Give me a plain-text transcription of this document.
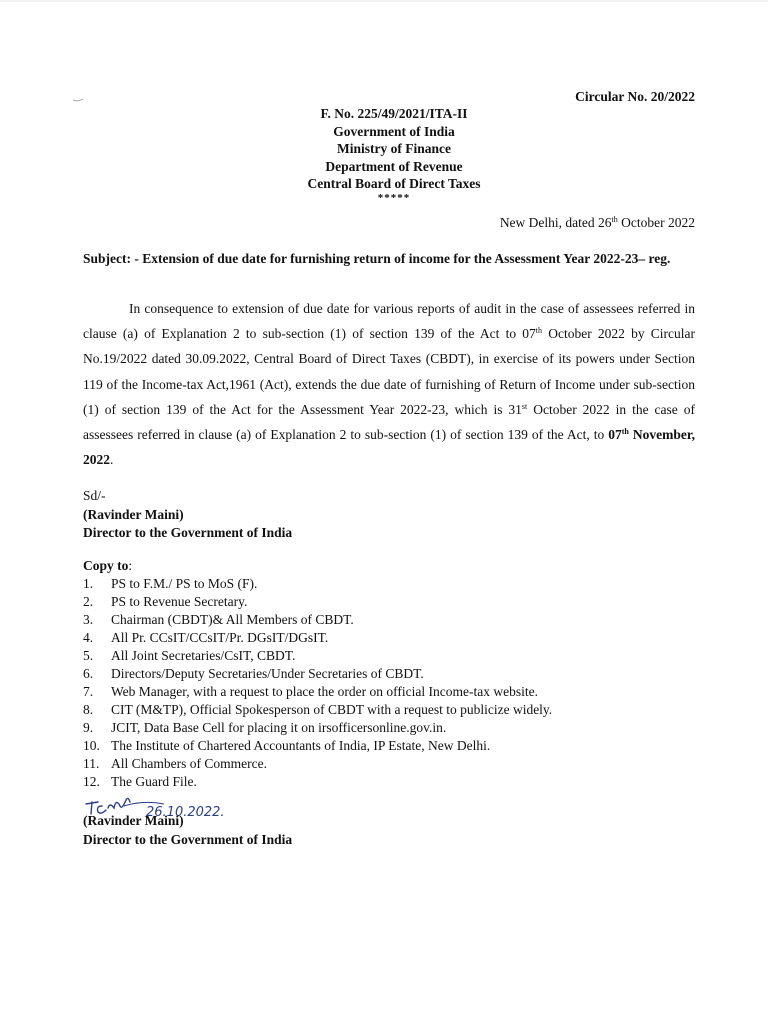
Circular No. 20/2022
F. No. 225/49/2021/ITA-II
Government of India
Ministry of Finance
Department of Revenue
Central Board of Direct Taxes
*****
New Delhi, dated 26th October 2022
Subject: - Extension of due date for furnishing return of income for the Assessment Year 2022-23– reg.
In consequence to extension of due date for various reports of audit in the case of assessees referred in clause (a) of Explanation 2 to sub-section (1) of section 139 of the Act to 07th October 2022 by Circular No.19/2022 dated 30.09.2022, Central Board of Direct Taxes (CBDT), in exercise of its powers under Section 119 of the Income-tax Act,1961 (Act), extends the due date of furnishing of Return of Income under sub-section (1) of section 139 of the Act for the Assessment Year 2022-23, which is 31st October 2022 in the case of assessees referred in clause (a) of Explanation 2 to sub-section (1) of section 139 of the Act, to 07th November, 2022.
Sd/-
(Ravinder Maini)
Director to the Government of India
Copy to:
1.	PS to F.M./ PS to MoS (F).
2.	PS to Revenue Secretary.
3.	Chairman (CBDT)& All Members of CBDT.
4.	All Pr. CCsIT/CCsIT/Pr. DGsIT/DGsIT.
5.	All Joint Secretaries/CsIT, CBDT.
6.	Directors/Deputy Secretaries/Under Secretaries of CBDT.
7.	Web Manager, with a request to place the order on official Income-tax website.
8.	CIT (M&TP), Official Spokesperson of CBDT with a request to publicize widely.
9.	JCIT, Data Base Cell for placing it on irsofficersonline.gov.in.
10. The Institute of Chartered Accountants of India, IP Estate, New Delhi.
11. All Chambers of Commerce.
12. The Guard File.
26.10.2022.
(Ravinder Maini)
Director to the Government of India
